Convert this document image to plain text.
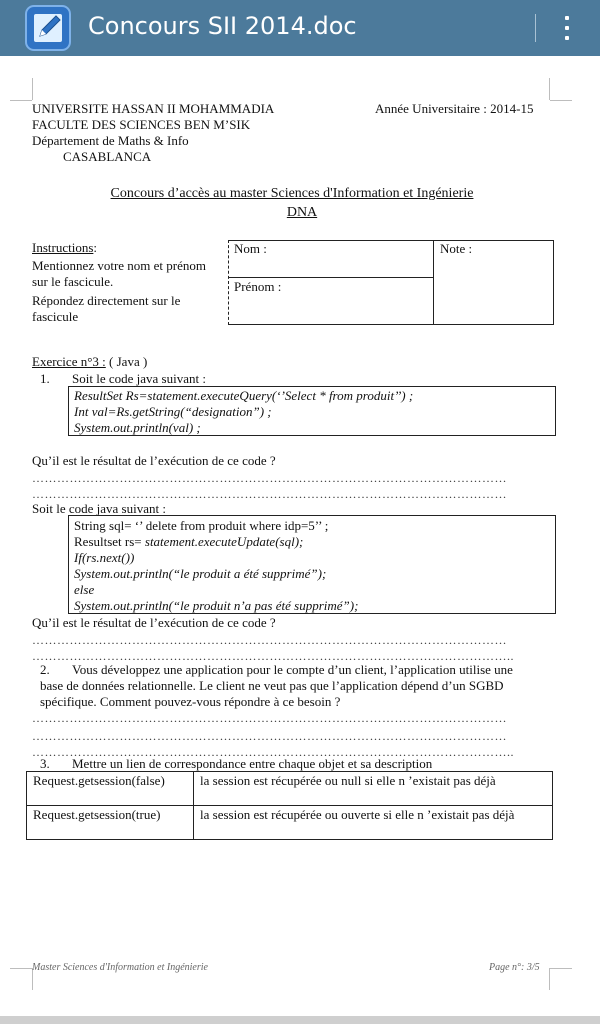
Concours SII 2014.doc
UNIVERSITE HASSAN II MOHAMMADIA
FACULTE DES SCIENCES BEN M’SIK
Département de Maths & Info
CASABLANCA
Année Universitaire : 2014-15
Concours d’accès au master Sciences d'Information et Ingénierie
DNA
Instructions:
Mentionnez votre nom et prénom
sur le fascicule.
Répondez directement sur le
fascicule
Nom :
Prénom :
Note :
Exercice n°3 : ( Java )
1. Soit le code java suivant :
ResultSet Rs=statement.executeQuery(‘’Select * from produit’’) ;
Int val=Rs.getString(“designation”) ;
System.out.println(val) ;
Qu’il est le résultat de l’exécution de ce code ?
……………………………………………………………………………………………………
……………………………………………………………………………………………………
Soit le code java suivant :
String sql= ‘’ delete from produit where idp=5’’ ;
Resultset rs= statement.executeUpdate(sql);
If(rs.next())
System.out.println(“le produit a été supprimé”);
else
System.out.println(“le produit n’a pas été supprimé”);
Qu’il est le résultat de l’exécution de ce code ?
……………………………………………………………………………………………………
……………………………………………………………………………………………………..
2. Vous développez une application pour le compte d’un client, l’application utilise une
base de données relationnelle. Le client ne veut pas que l’application dépend d’un SGBD
spécifique. Comment pouvez-vous répondre à ce besoin ?
……………………………………………………………………………………………………
……………………………………………………………………………………………………
……………………………………………………………………………………………………..
3. Mettre un lien de correspondance entre chaque objet et sa description
Request.getsession(false)	la session est récupérée ou null si elle n ’existait pas déjà
Request.getsession(true)	la session est récupérée ou ouverte si elle n ’existait pas déjà
Master Sciences d'Information et Ingénierie	Page n°: 3/5
